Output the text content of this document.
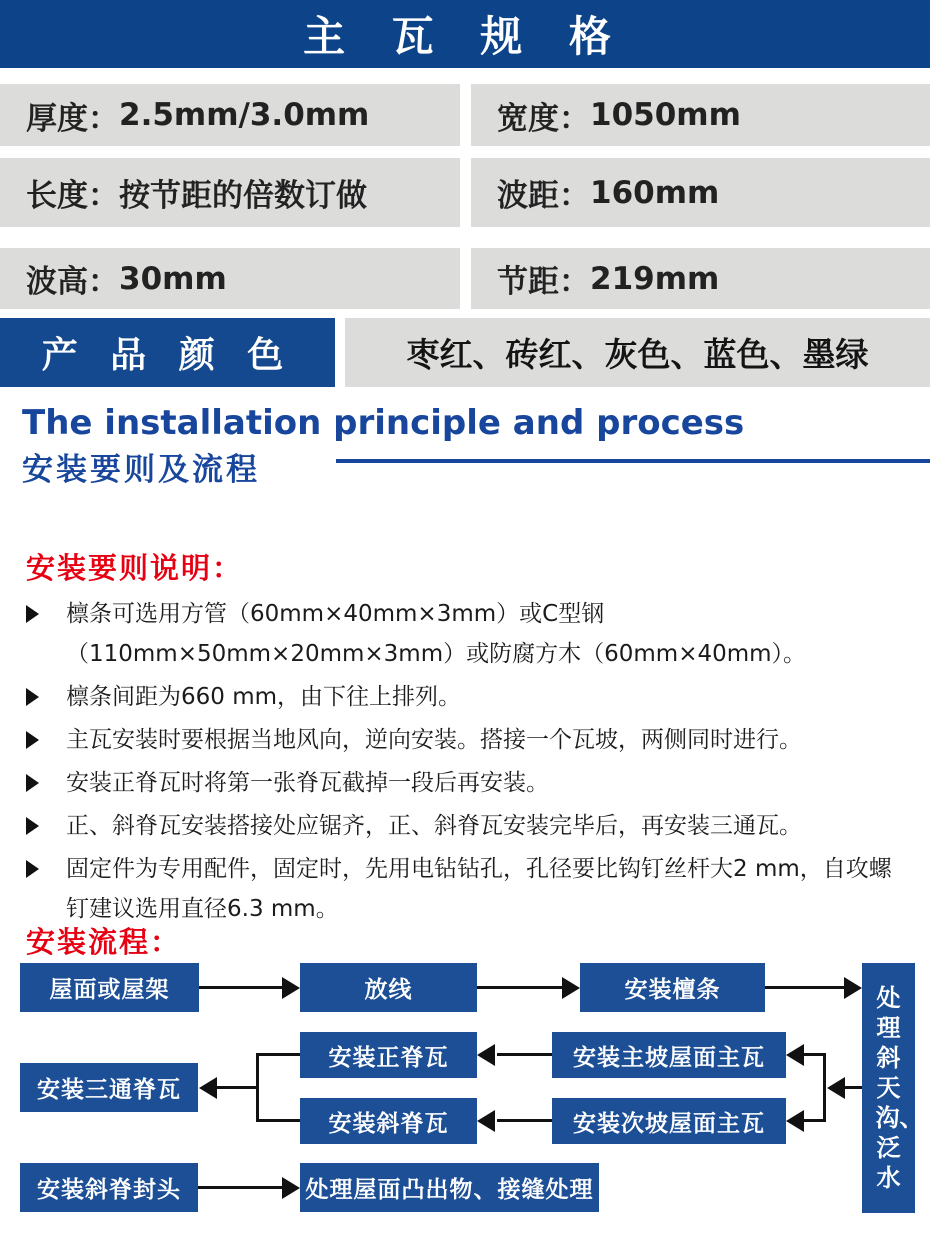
主 瓦 规 格
厚度： 2.5mm/3.0mm	宽度： 1050mm
长度： 按节距的倍数订做	波距： 160mm
波高： 30mm	节距： 219mm
产 品 颜 色	枣红、砖红、灰色、蓝色、墨绿
The installation principle and process
安装要则及流程
安装要则说明：

檩条可选用方管（60mm×40mm×3mm）或C型钢（110mm×50mm×20mm×3mm）或防腐方木（60mm×40mm）。

檩条间距为660 mm，由下往上排列。

主瓦安装时要根据当地风向，逆向安装。搭接一个瓦坡，两侧同时进行。

安装正脊瓦时将第一张脊瓦截掉一段后再安装。

正、斜脊瓦安装搭接处应锯齐，正、斜脊瓦安装完毕后，再安装三通瓦。

固定件为专用配件，固定时，先用电钻钻孔，孔径要比钩钉丝杆大2 mm，自攻螺钉建议选用直径6.3 mm。

安装流程：
屋面或屋架	放线	安装檀条	处理斜天沟、泛水
安装正脊瓦	安装主坡屋面主瓦
安装三通脊瓦
安装斜脊瓦	安装次坡屋面主瓦
安装斜脊封头	处理屋面凸出物、接缝处理
